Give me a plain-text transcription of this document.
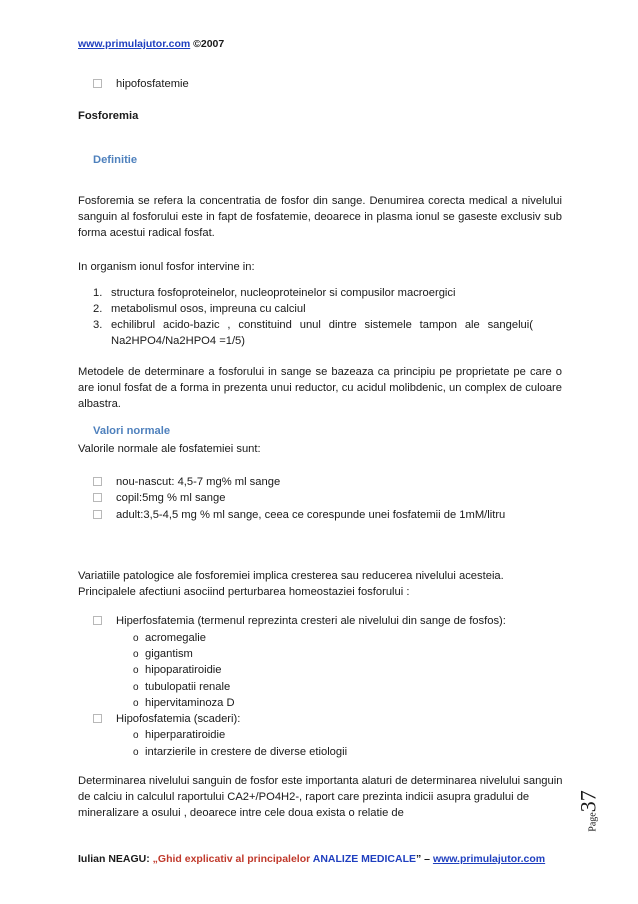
www.primulajutor.com ©2007
hipofosfatemie
Fosforemia
Definitie
Fosforemia se refera la concentratia de fosfor din sange. Denumirea corecta medical a nivelului sanguin al fosforului este in fapt de fosfatemie, deoarece in plasma ionul se gaseste exclusiv sub forma acestui radical fosfat.
In organism ionul fosfor intervine in:
1. structura fosfoproteinelor, nucleoproteinelor si compusilor macroergici
2. metabolismul osos, impreuna cu calciul
3. echilibrul acido-bazic , constituind unul dintre sistemele tampon ale sangelui( Na2HPO4/Na2HPO4 =1/5)
Metodele de determinare a fosforului in sange se bazeaza ca principiu pe proprietate pe care o are ionul fosfat de a forma in prezenta unui reductor, cu acidul molibdenic, un complex de culoare albastra.
Valori normale
Valorile normale ale fosfatemiei sunt:
nou-nascut: 4,5-7 mg% ml sange
copil:5mg % ml sange
adult:3,5-4,5 mg % ml sange, ceea ce corespunde unei fosfatemii de 1mM/litru
Variatiile patologice ale fosforemiei implica cresterea sau reducerea nivelului acesteia. Principalele afectiuni asociind perturbarea homeostaziei fosforului :
Hiperfosfatemia (termenul reprezinta cresteri ale nivelului din sange de fosfos):
o acromegalie
o gigantism
o hipoparatiroidie
o tubulopatii renale
o hipervitaminoza D
Hipofosfatemia (scaderi):
o hiperparatiroidie
o intarzierile in crestere de diverse etiologii
Determinarea nivelului sanguin de fosfor este importanta alaturi de determinarea nivelului sanguin de calciu in calculul raportului CA2+/PO4H2-, raport care prezinta indicii asupra gradului de mineralizare a osului , deoarece intre cele doua exista o relatie de	Page37
Iulian NEAGU: „Ghid explicativ al principalelor ANALIZE MEDICALE” – www.primulajutor.com
